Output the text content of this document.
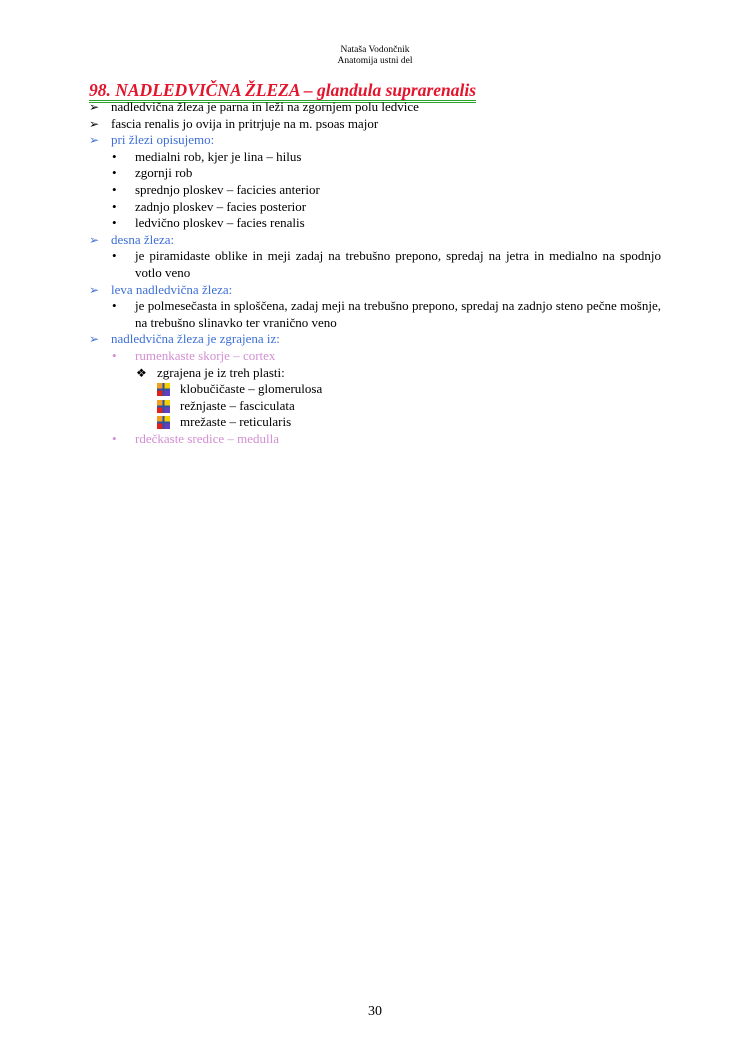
Nataša Vodončnik
Anatomija ustni del
98. NADLEDVIČNA ŽLEZA – glandula suprarenalis
➢ nadledvična žleza je parna in leži na zgornjem polu ledvice
➢ fascia renalis jo ovija in pritrjuje na m. psoas major
➢ pri žlezi opisujemo:
• medialni rob, kjer je lina – hilus
• zgornji rob
• sprednjo ploskev – facicies anterior
• zadnjo ploskev – facies posterior
• ledvično ploskev – facies renalis
➢ desna žleza:
• je piramidaste oblike in meji zadaj na trebušno prepono, spredaj na jetra in medialno na spodnjo votlo veno
➢ leva nadledvična žleza:
• je polmesečasta in sploščena, zadaj meji na trebušno prepono, spredaj na zadnjo steno pečne mošnje, na trebušno slinavko ter vranično veno
➢ nadledvična žleza je zgrajena iz:
• rumenkaste skorje – cortex
❖ zgrajena je iz treh plasti:
klobučičaste – glomerulosa
režnjaste – fasciculata
mrežaste – reticularis
• rdečkaste sredice – medulla
30
